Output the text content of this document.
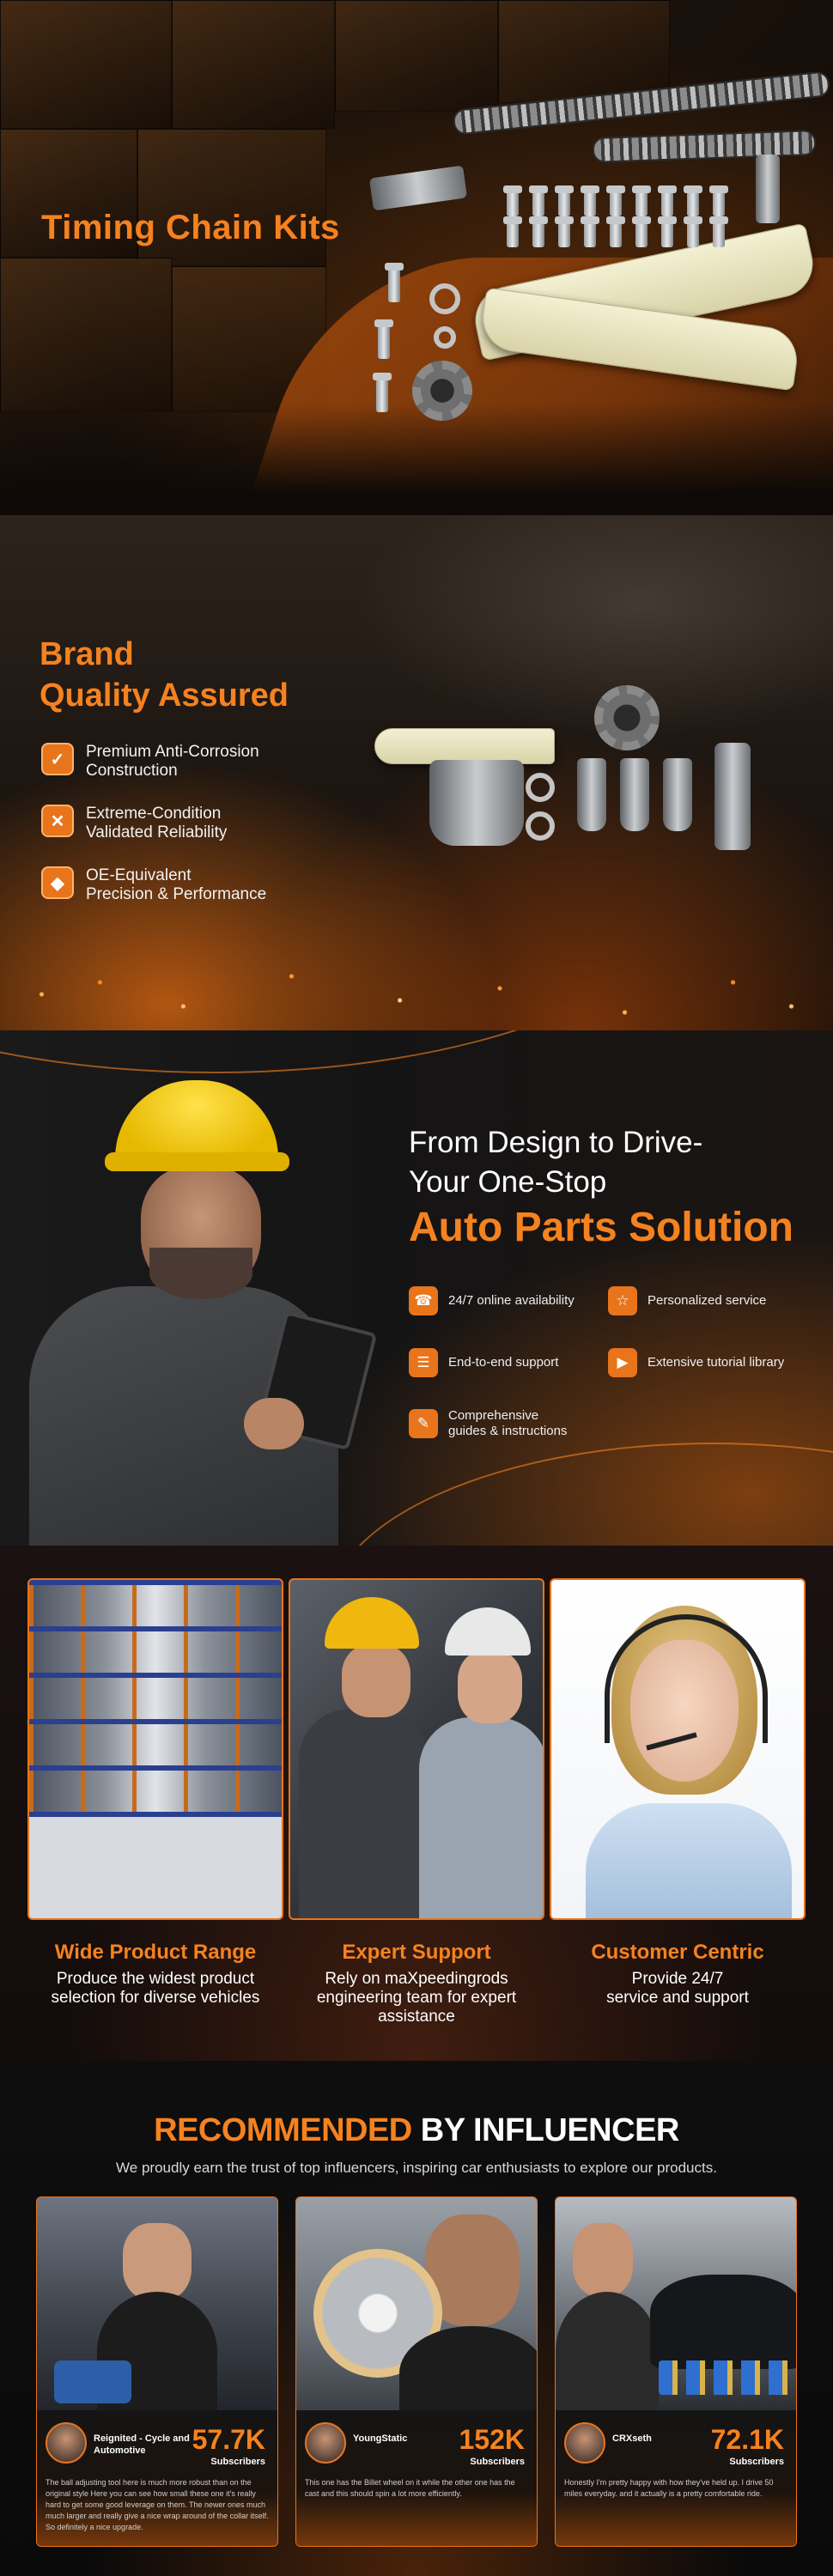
Timing Chain Kits
Brand
Quality Assured
✓	Premium Anti-Corrosion
Construction
✕	Extreme-Condition
Validated Reliability
◆	OE-Equivalent
Precision & Performance
From Design to Drive-
Your One-Stop
Auto Parts Solution
☎	24/7 online availability	☆	Personalized service
☰	End-to-end support	▶	Extensive tutorial library
✎	Comprehensive
guides & instructions
Wide Product Range
Produce the widest product
selection for diverse vehicles
Expert Support
Rely on maXpeedingrods
engineering team for expert
assistance
Customer Centric
Provide 24/7
service and support
RECOMMENDED BY INFLUENCER
We proudly earn the trust of top influencers, inspiring car enthusiasts to explore our products.
Reignited - Cycle and Automotive	57.7K
Subscribers
The ball adjusting tool here is much more robust than on the original style Here you can see how small these one it's really hard to get some good leverage on them. The newer ones much much larger and really give a nice wrap around of the collar itself. So definitely a nice upgrade.
YoungStatic	152K
Subscribers
This one has the Billet wheel on it while the other one has the cast and this should spin a lot more efficiently.
CRXseth	72.1K
Subscribers
Honestly I'm pretty happy with how they've held up. I drive 50 miles everyday. and it actually is a pretty comfortable ride.
